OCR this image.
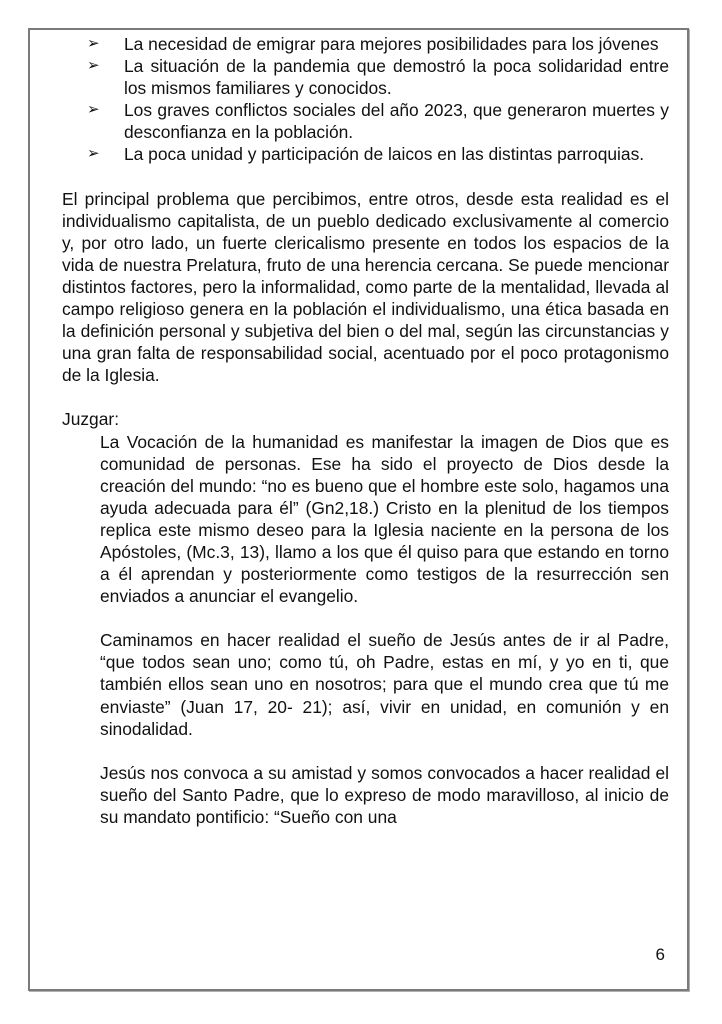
➢ La necesidad de emigrar para mejores posibilidades para los jóvenes
➢ La situación de la pandemia que demostró la poca solidaridad entre los mismos familiares y conocidos.
➢ Los graves conflictos sociales del año 2023, que generaron muertes y desconfianza en la población.
➢ La poca unidad y participación de laicos en las distintas parroquias.

El principal problema que percibimos, entre otros, desde esta realidad es el individualismo capitalista, de un pueblo dedicado exclusivamente al comercio y, por otro lado, un fuerte clericalismo presente en todos los espacios de la vida de nuestra Prelatura, fruto de una herencia cercana. Se puede mencionar distintos factores, pero la informalidad, como parte de la mentalidad, llevada al campo religioso genera en la población el individualismo, una ética basada en la definición personal y subjetiva del bien o del mal, según las circunstancias y una gran falta de responsabilidad social, acentuado por el poco protagonismo de la Iglesia.

Juzgar:

La Vocación de la humanidad es manifestar la imagen de Dios que es comunidad de personas. Ese ha sido el proyecto de Dios desde la creación del mundo: “no es bueno que el hombre este solo, hagamos una ayuda adecuada para él” (Gn2,18.) Cristo en la plenitud de los tiempos replica este mismo deseo para la Iglesia naciente en la persona de los Apóstoles, (Mc.3, 13), llamo a los que él quiso para que estando en torno a él aprendan y posteriormente como testigos de la resurrección sen enviados a anunciar el evangelio.

Caminamos en hacer realidad el sueño de Jesús antes de ir al Padre, “que todos sean uno; como tú, oh Padre, estas en mí, y yo en ti, que también ellos sean uno en nosotros; para que el mundo crea que tú me enviaste” (Juan 17, 20- 21); así, vivir en unidad, en comunión y en sinodalidad.

Jesús nos convoca a su amistad y somos convocados a hacer realidad el sueño del Santo Padre, que lo expreso de modo maravilloso, al inicio de su mandato pontificio: “Sueño con una

6
